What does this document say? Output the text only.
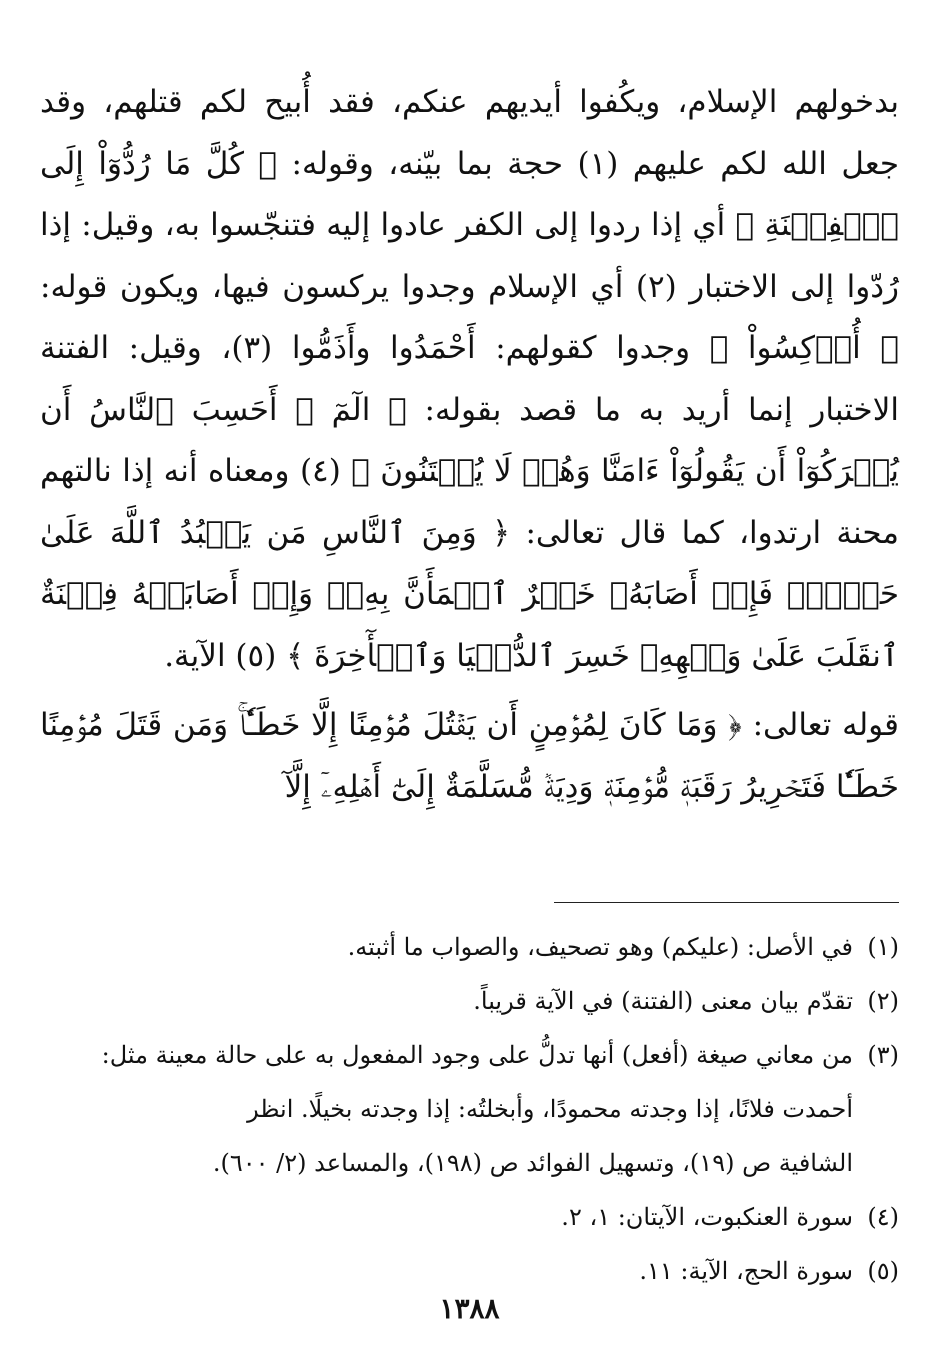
بدخولهم الإسلام، ويكُفوا أيديهم عنكم، فقد أُبيح لكم قتلهم، وقد جعل الله لكم عليهم (١) حجة بما بيّنه، وقوله: ﴿ كُلَّ مَا رُدُّوٓاْ إِلَى ٱلۡفِتۡنَةِ ﴾ أي إذا ردوا إلى الكفر عادوا إليه فتنجّسوا به، وقيل: إذا رُدّوا إلى الاختبار (٢) أي الإسلام وجدوا يركسون فيها، ويكون قوله: ﴿ أُرۡكِسُواْ ﴾ وجدوا كقولهم: أَحْمَدُوا وأَذَمُّوا (٣)، وقيل: الفتنة الاختبار إنما أريد به ما قصد بقوله: ﴿ الٓمٓ ۞ أَحَسِبَ ٱلنَّاسُ أَن يُتۡرَكُوٓاْ أَن يَقُولُوٓاْ ءَامَنَّا وَهُمۡ لَا يُفۡتَنُونَ ﴾ (٤) ومعناه أنه إذا نالتهم محنة ارتدوا، كما قال تعالى: ﴿ وَمِنَ ٱلنَّاسِ مَن يَعۡبُدُ ٱللَّهَ عَلَىٰ حَرۡفٖۖ فَإِنۡ أَصَابَهُۥ خَيۡرٌ ٱطۡمَأَنَّ بِهِۦۖ وَإِنۡ أَصَابَتۡهُ فِتۡنَةٌ ٱنقَلَبَ عَلَىٰ وَجۡهِهِۦ خَسِرَ ٱلدُّنۡيَا وَٱلۡأٓخِرَةَ ﴾ (٥) الآية.

قوله تعالى: ﴿ وَمَا كَانَ لِمُؤۡمِنٍ أَن يَقۡتُلَ مُؤۡمِنًا إِلَّا خَطَـٔٗاۚ وَمَن قَتَلَ مُؤۡمِنًا خَطَـٔٗا فَتَحۡرِيرُ رَقَبَةٖ مُّؤۡمِنَةٖ وَدِيَةٞ مُّسَلَّمَةٌ إِلَىٰٓ أَهۡلِهِۦٓ إِلَّآ

(١)
في الأصل: (عليكم) وهو تصحيف، والصواب ما أثبته.
(٢)
تقدّم بيان معنى (الفتنة) في الآية قريباً.
(٣)
من معاني صيغة (أفعل) أنها تدلُّ على وجود المفعول به على حالة معينة مثل:
أحمدت فلانًا، إذا وجدته محمودًا، وأبخلتُه: إذا وجدته بخيلًا. انظر
الشافية ص (١٩)، وتسهيل الفوائد ص (١٩٨)، والمساعد (٢/ ٦٠٠).
(٤)
سورة العنكبوت، الآيتان: ١، ٢.
(٥)
سورة الحج، الآية: ١١.
١٣٨٨
